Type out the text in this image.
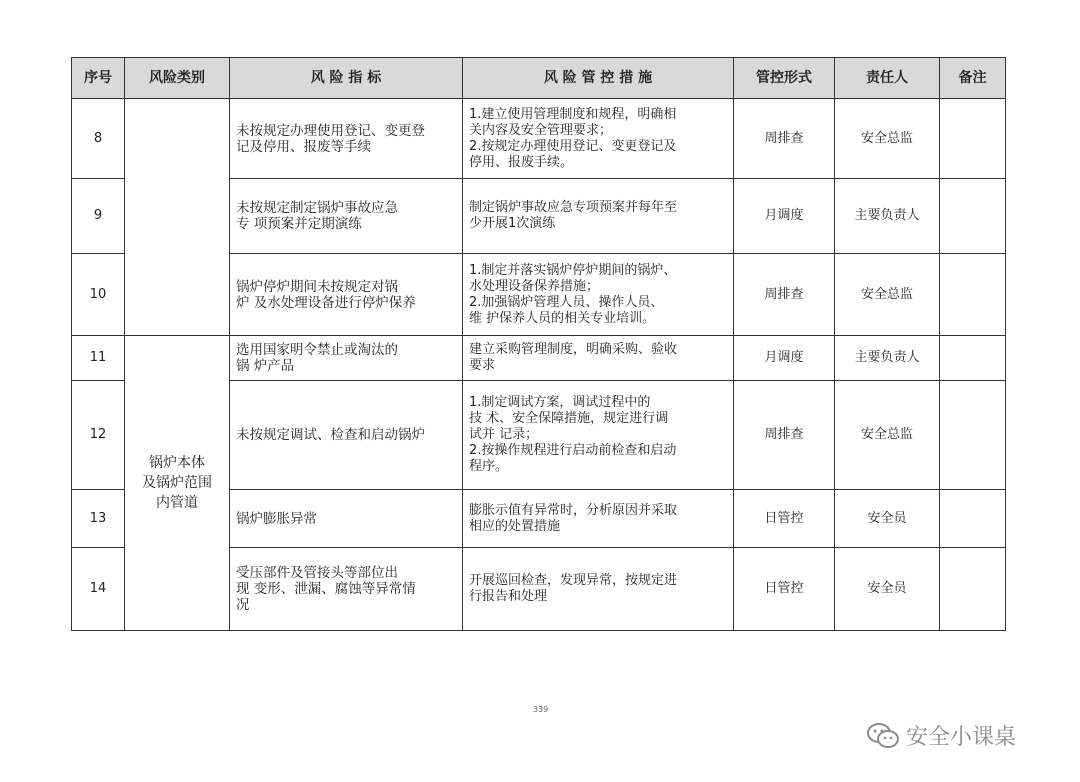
序号	风险类别	风 险 指 标	风 险 管 控 措 施	管控形式	责任人	备注
8		未按规定办理使用登记、变更登
记及停用、报废等手续	1.建立使用管理制度和规程，明确相
关内容及安全管理要求；
2.按规定办理使用登记、变更登记及
停用、报废手续。	周排查	安全总监	
9		未按规定制定锅炉事故应急
专 项预案并定期演练	制定锅炉事故应急专项预案并每年至
少开展1次演练	月调度	主要负责人	
10		锅炉停炉期间未按规定对锅
炉 及水处理设备进行停炉保养	1.制定并落实锅炉停炉期间的锅炉、
水处理设备保养措施；
2.加强锅炉管理人员、操作人员、
维 护保养人员的相关专业培训。	周排查	安全总监	
11	锅炉本体
及锅炉范围
内管道	选用国家明令禁止或淘汰的
锅 炉产品	建立采购管理制度，明确采购、验收
要求	月调度	主要负责人	
12		未按规定调试、检查和启动锅炉	1.制定调试方案，调试过程中的
技 术、安全保障措施，规定进行调
试并 记录；
2.按操作规程进行启动前检查和启动
程序。	周排查	安全总监	
13		锅炉膨胀异常	膨胀示值有异常时，分析原因并采取
相应的处置措施	日管控	安全员	
14		受压部件及管接头等部位出
现 变形、泄漏、腐蚀等异常情
况	开展巡回检查，发现异常，按规定进
行报告和处理	日管控	安全员	
339
安全小课桌
